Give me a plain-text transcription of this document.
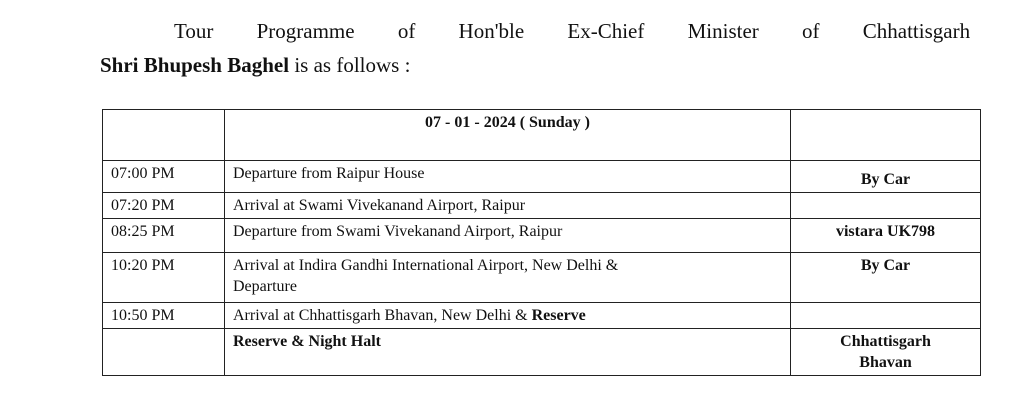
Tour Programme of Hon'ble Ex-Chief Minister of Chhattisgarh
Shri Bhupesh Baghel is as follows :
	07 - 01 - 2024 ( Sunday )	
07:00 PM	Departure from Raipur House	By Car
07:20 PM	Arrival at Swami Vivekanand Airport, Raipur	
08:25 PM	Departure from Swami Vivekanand Airport, Raipur	vistara UK798
10:20 PM	Arrival at Indira Gandhi International Airport, New Delhi &
Departure	By Car
10:50 PM	Arrival at Chhattisgarh Bhavan, New Delhi & Reserve	
	Reserve & Night Halt	Chhattisgarh
Bhavan
